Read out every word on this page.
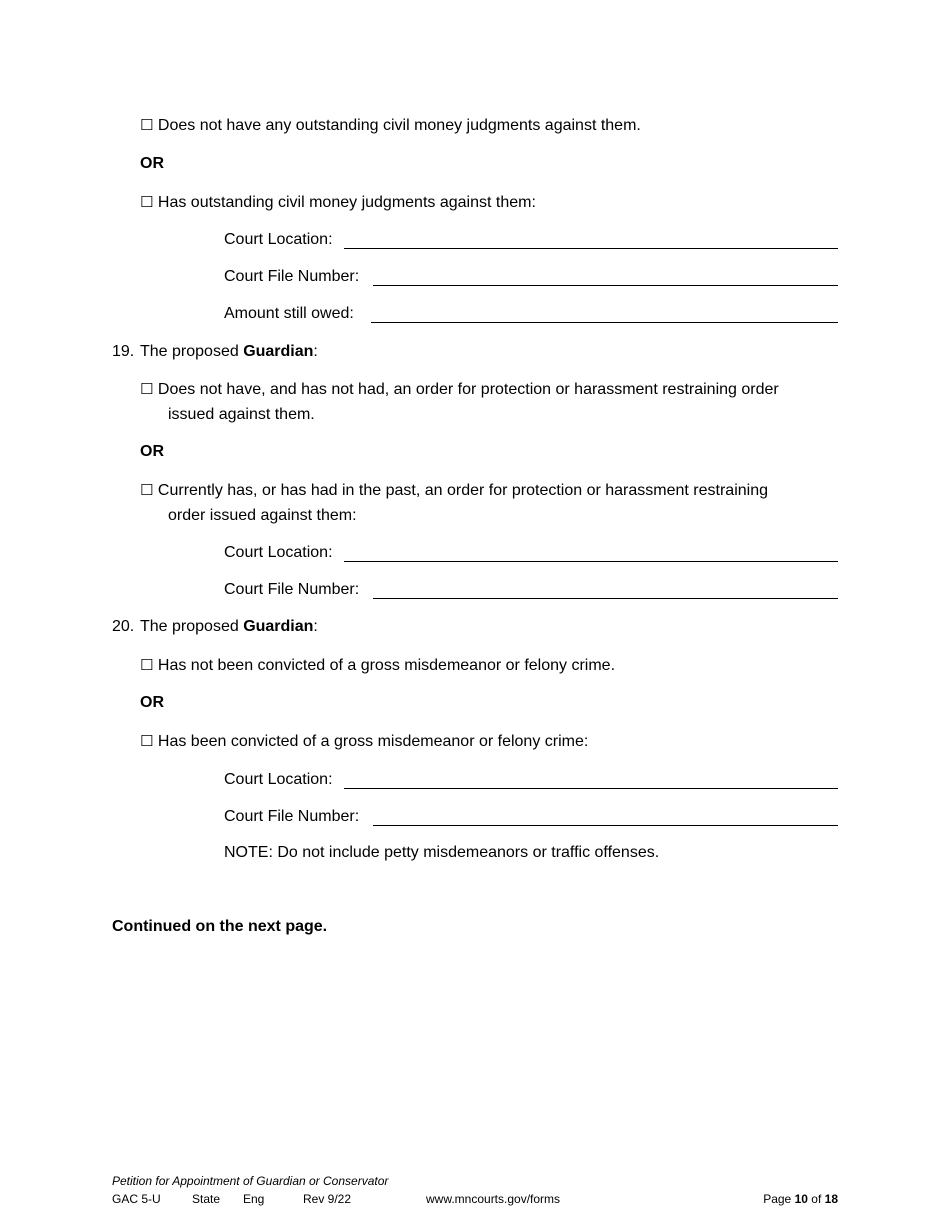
☐ Does not have any outstanding civil money judgments against them.
OR
☐ Has outstanding civil money judgments against them:
Court Location:
Court File Number:
Amount still owed:
19. The proposed Guardian:
☐ Does not have, and has not had, an order for protection or harassment restraining order
issued against them.
OR
☐ Currently has, or has had in the past, an order for protection or harassment restraining
order issued against them:
Court Location:
Court File Number:
20. The proposed Guardian:
☐ Has not been convicted of a gross misdemeanor or felony crime.
OR
☐ Has been convicted of a gross misdemeanor or felony crime:
Court Location:
Court File Number:
NOTE: Do not include petty misdemeanors or traffic offenses.
Continued on the next page.
Petition for Appointment of Guardian or Conservator
GAC 5-U	State Eng	Rev 9/22	www.mncourts.gov/forms	Page 10 of 18
